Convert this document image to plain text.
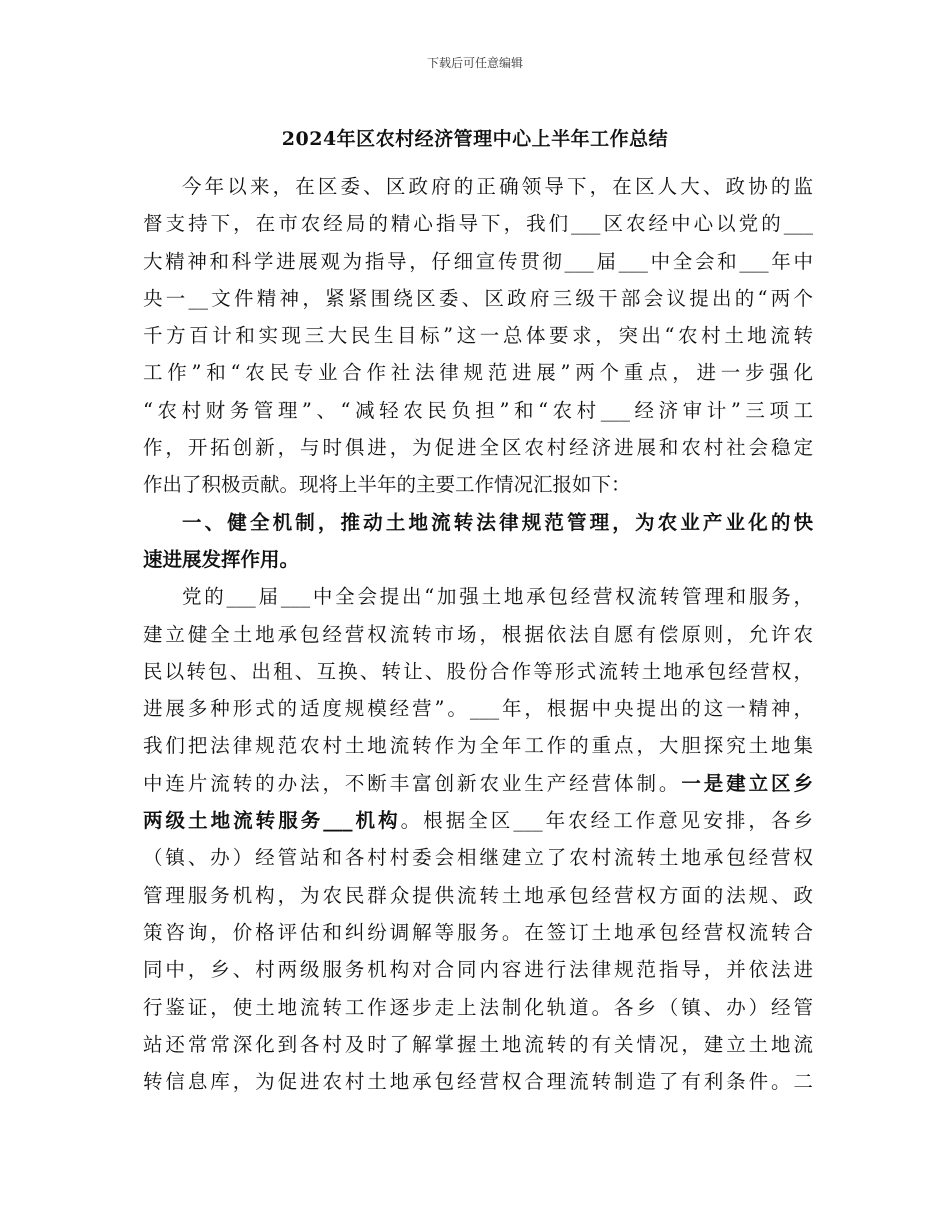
下载后可任意编辑
2024年区农村经济管理中心上半年工作总结
今年以来，在区委、区政府的正确领导下，在区人大、政协的监
督支持下，在市农经局的精心指导下，我们___区农经中心以党的___
大精神和科学进展观为指导，仔细宣传贯彻___届___中全会和___年中
央一__文件精神，紧紧围绕区委、区政府三级干部会议提出的“两个
千方百计和实现三大民生目标”这一总体要求，突出“农村土地流转
工作”和“农民专业合作社法律规范进展”两个重点，进一步强化
“农村财务管理”、“减轻农民负担”和“农村___经济审计”三项工
作，开拓创新，与时俱进，为促进全区农村经济进展和农村社会稳定
作出了积极贡献。现将上半年的主要工作情况汇报如下：
一、健全机制，推动土地流转法律规范管理，为农业产业化的快
速进展发挥作用。
党的___届___中全会提出“加强土地承包经营权流转管理和服务，
建立健全土地承包经营权流转市场，根据依法自愿有偿原则，允许农
民以转包、出租、互换、转让、股份合作等形式流转土地承包经营权，
进展多种形式的适度规模经营”。___年，根据中央提出的这一精神，
我们把法律规范农村土地流转作为全年工作的重点，大胆探究土地集
中连片流转的办法，不断丰富创新农业生产经营体制。一是建立区乡
两级土地流转服务___机构。根据全区___年农经工作意见安排，各乡
（镇、办）经管站和各村村委会相继建立了农村流转土地承包经营权
管理服务机构，为农民群众提供流转土地承包经营权方面的法规、政
策咨询，价格评估和纠纷调解等服务。在签订土地承包经营权流转合
同中，乡、村两级服务机构对合同内容进行法律规范指导，并依法进
行鉴证，使土地流转工作逐步走上法制化轨道。各乡（镇、办）经管
站还常常深化到各村及时了解掌握土地流转的有关情况，建立土地流
转信息库，为促进农村土地承包经营权合理流转制造了有利条件。二
